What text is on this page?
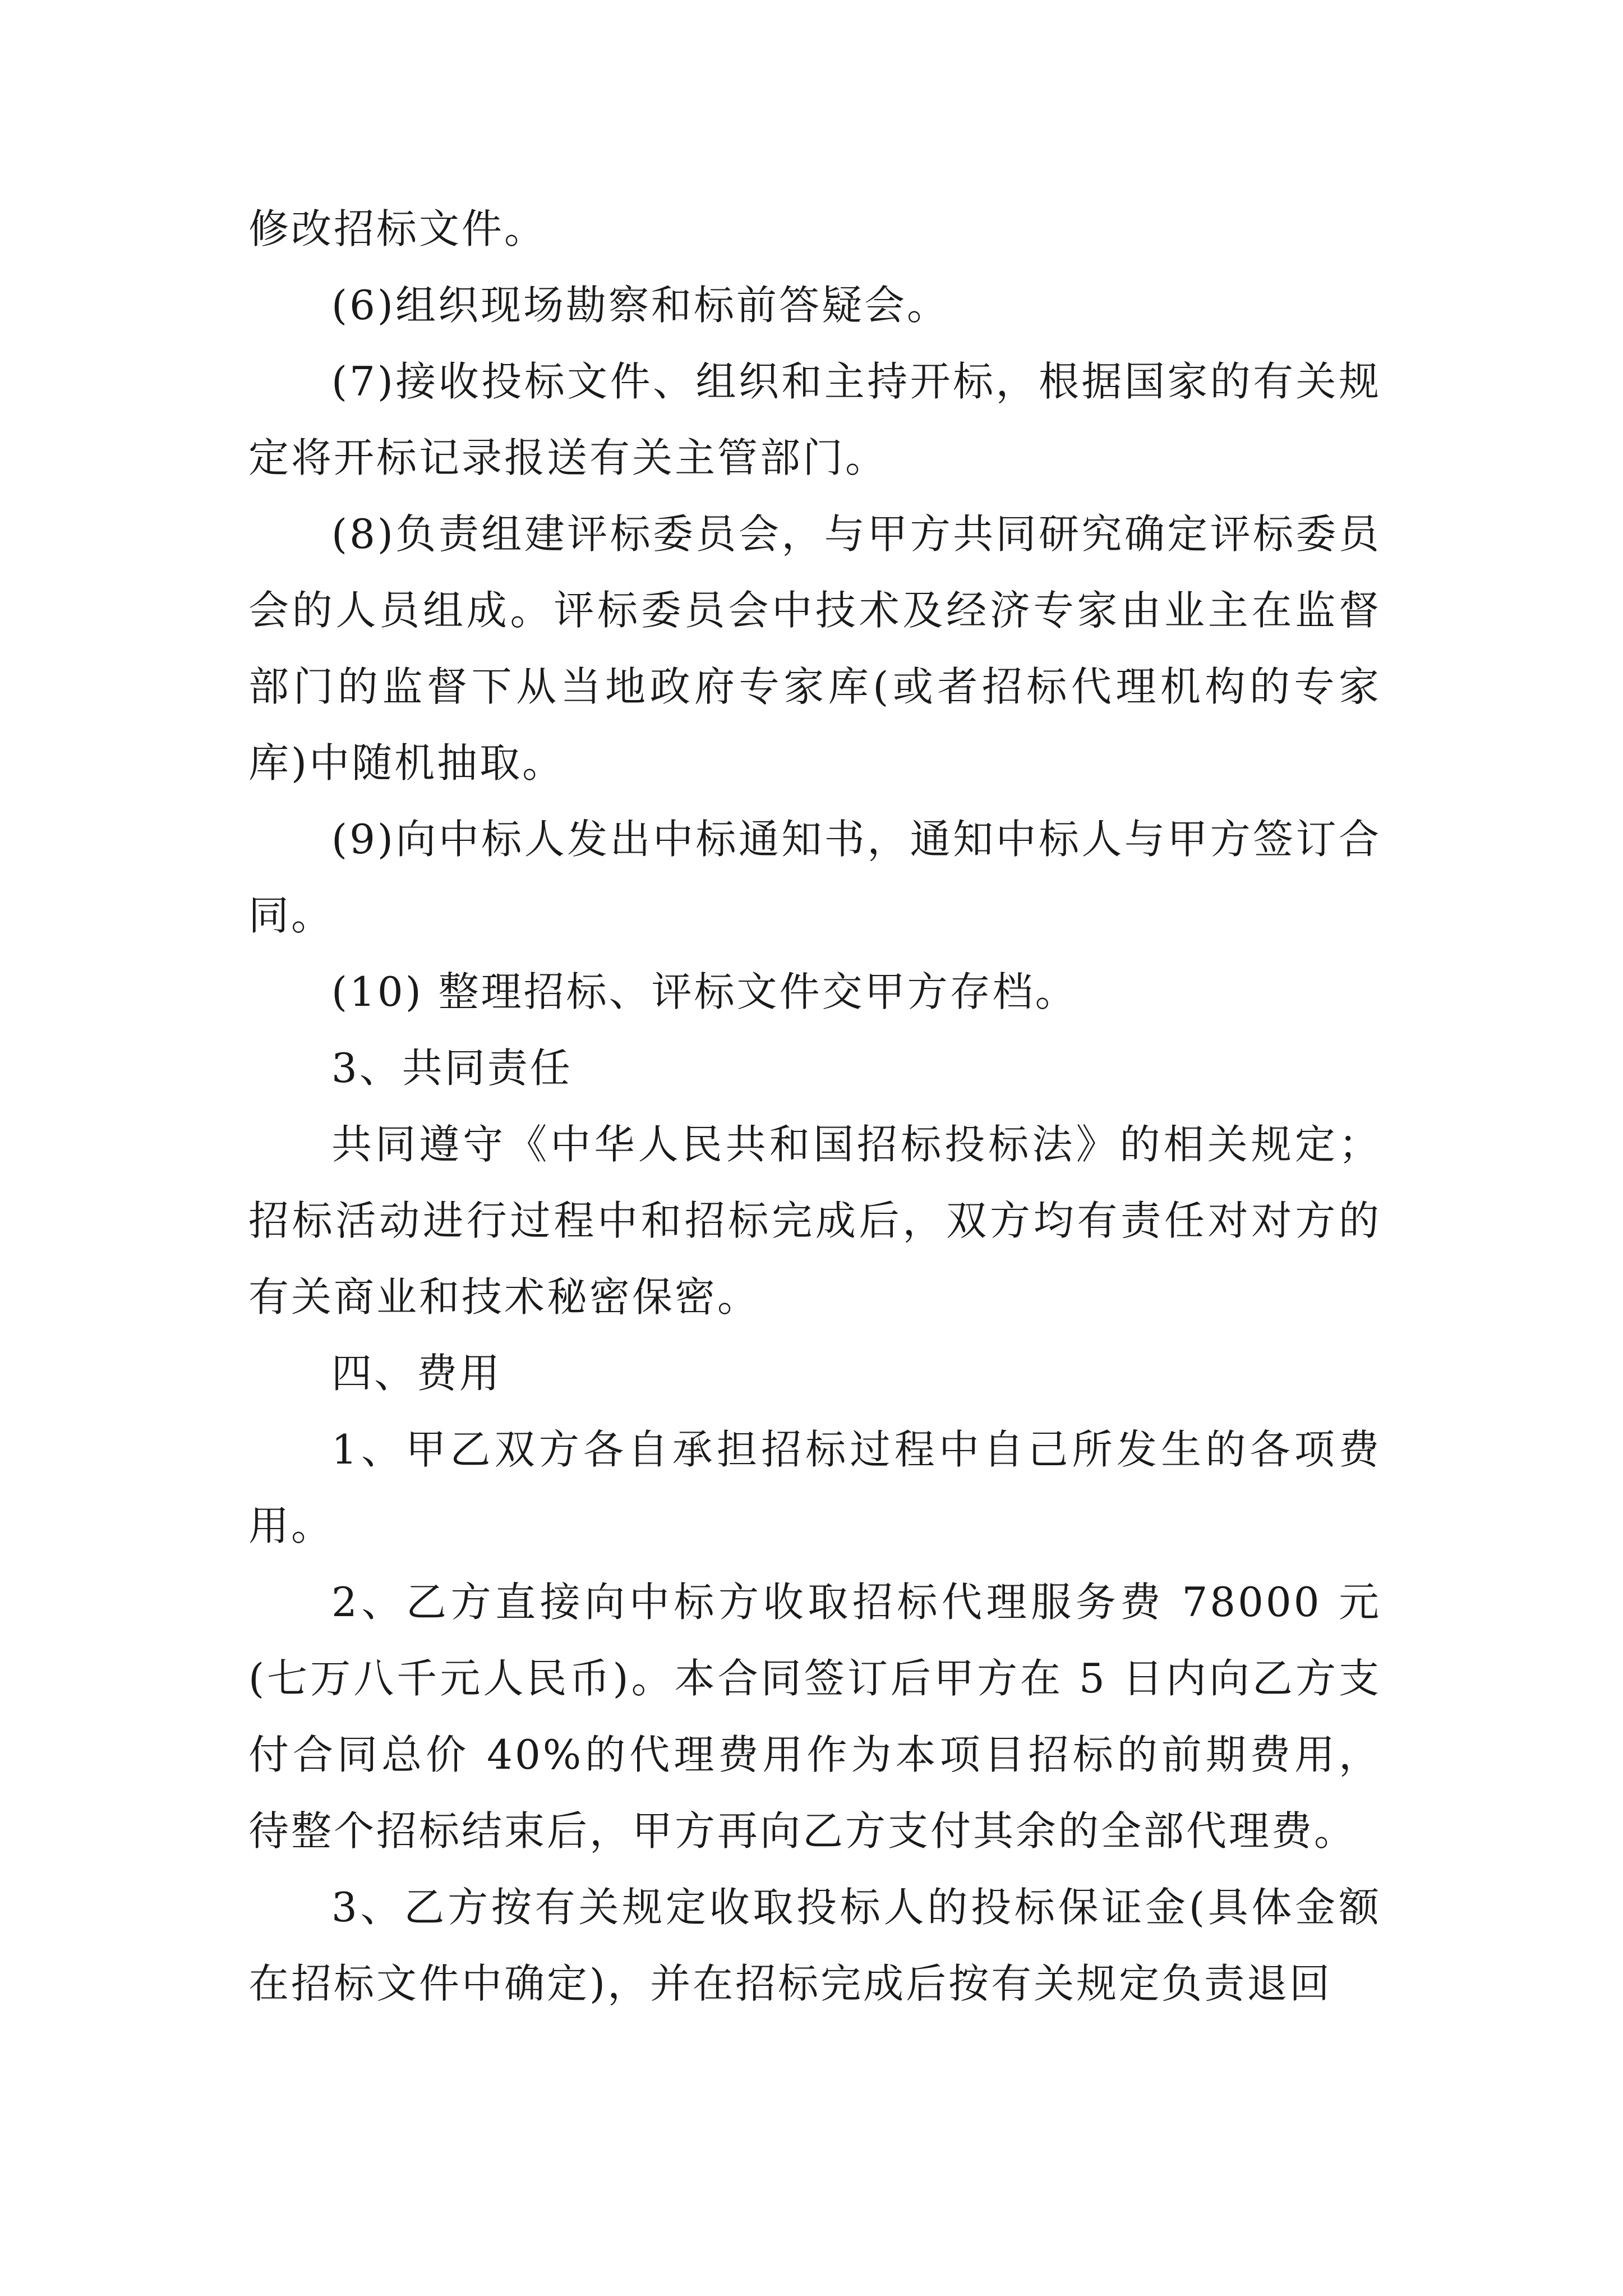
修改招标文件。

(6)组织现场勘察和标前答疑会。

(7)接收投标文件、组织和主持开标，根据国家的有关规定将开标记录报送有关主管部门。

(8)负责组建评标委员会，与甲方共同研究确定评标委员会的人员组成。评标委员会中技术及经济专家由业主在监督部门的监督下从当地政府专家库(或者招标代理机构的专家库)中随机抽取。

(9)向中标人发出中标通知书，通知中标人与甲方签订合同。

(10) 整理招标、评标文件交甲方存档。

3、共同责任

共同遵守《中华人民共和国招标投标法》的相关规定；招标活动进行过程中和招标完成后，双方均有责任对对方的有关商业和技术秘密保密。

四、费用

1、甲乙双方各自承担招标过程中自己所发生的各项费用。

2、乙方直接向中标方收取招标代理服务费 78000 元(七万八千元人民币)。本合同签订后甲方在 5 日内向乙方支付合同总价 40%的代理费用作为本项目招标的前期费用，待整个招标结束后，甲方再向乙方支付其余的全部代理费。

3、乙方按有关规定收取投标人的投标保证金(具体金额在招标文件中确定)，并在招标完成后按有关规定负责退回
